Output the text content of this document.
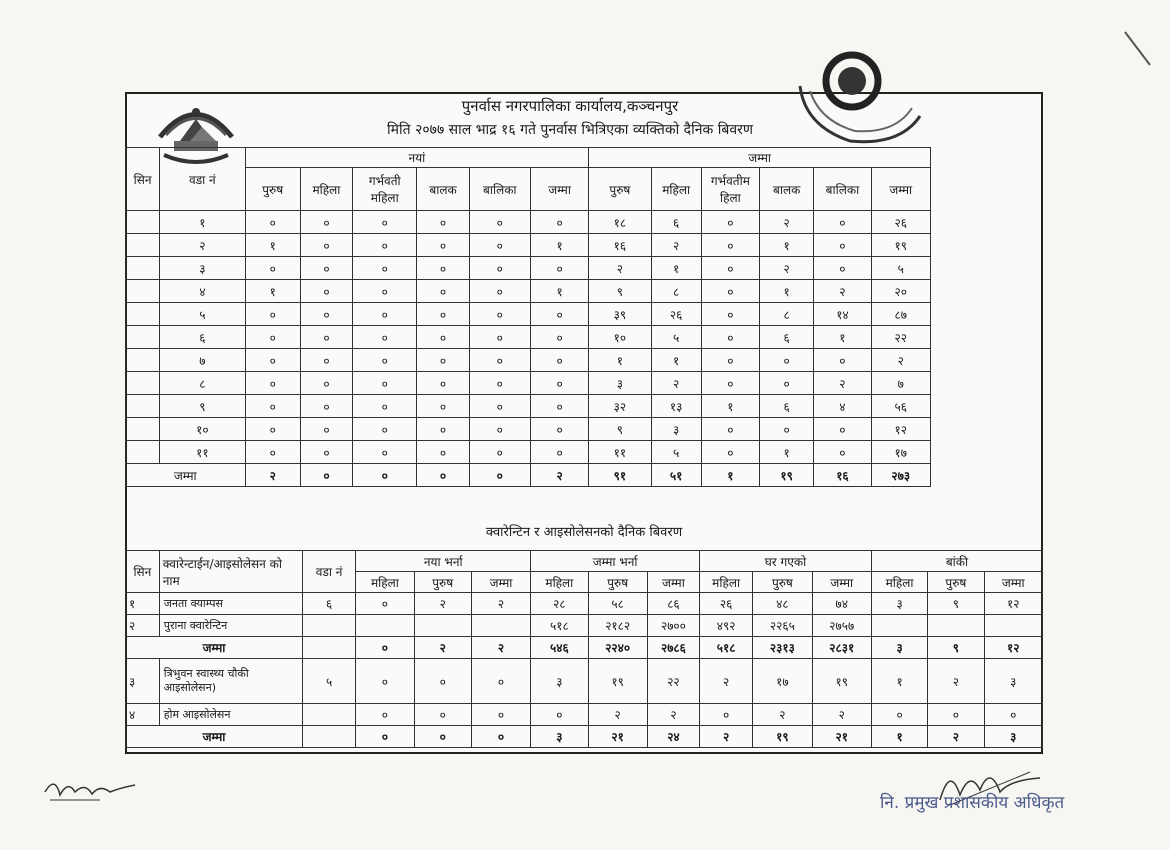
पुनर्वास नगरपालिका कार्यालय,कञ्चनपुर
मिति २०७७ साल भाद्र १६ गते पुनर्वास भित्रिएका व्यक्तिको दैनिक बिवरण
सिन	वडा नं	नयां						जम्मा					
		पुरुष	महिला	गर्भवती महिला	बालक	बालिका	जम्मा	पुरुष	महिला	गर्भवतीम हिला	बालक	बालिका	जम्मा
	१	०	०	०	०	०	०	१८	६	०	२	०	२६
	२	१	०	०	०	०	१	१६	२	०	१	०	१९
	३	०	०	०	०	०	०	२	१	०	२	०	५
	४	१	०	०	०	०	१	९	८	०	१	२	२०
	५	०	०	०	०	०	०	३९	२६	०	८	१४	८७
	६	०	०	०	०	०	०	१०	५	०	६	१	२२
	७	०	०	०	०	०	०	१	१	०	०	०	२
	८	०	०	०	०	०	०	३	२	०	०	२	७
	९	०	०	०	०	०	०	३२	१३	१	६	४	५६
	१०	०	०	०	०	०	०	९	३	०	०	०	१२
	११	०	०	०	०	०	०	११	५	०	१	०	१७
जम्मा		२	०	०	०	०	२	९१	५१	१	१९	१६	२७३
क्वारेन्टिन र आइसोलेसनको दैनिक बिवरण
सिन	क्वारेन्टाईन/आइसोलेसन को नाम	वडा नं	नया भर्ना			जम्मा भर्ना			घर गएको			बांकी		
			महिला	पुरुष	जम्मा	महिला	पुरुष	जम्मा	महिला	पुरुष	जम्मा	महिला	पुरुष	जम्मा
१	जनता क्याम्पस	६	०	२	२	२८	५८	८६	२६	४८	७४	३	९	१२
२	पुराना क्वारेन्टिन					५१८	२१८२	२७००	४९२	२२६५	२७५७			
जम्मा			०	२	२	५४६	२२४०	२७८६	५१८	२३१३	२८३१	३	९	१२
३	त्रिभुवन स्वास्थ्य चौकी आइसोलेसन)	५	०	०	०	३	१९	२२	२	१७	१९	१	२	३
४	होम आइसोलेसन		०	०	०	०	२	२	०	२	२	०	०	०
जम्मा			०	०	०	३	२१	२४	२	१९	२१	१	२	३
नि. प्रमुख प्रशासकीय अधिकृत
